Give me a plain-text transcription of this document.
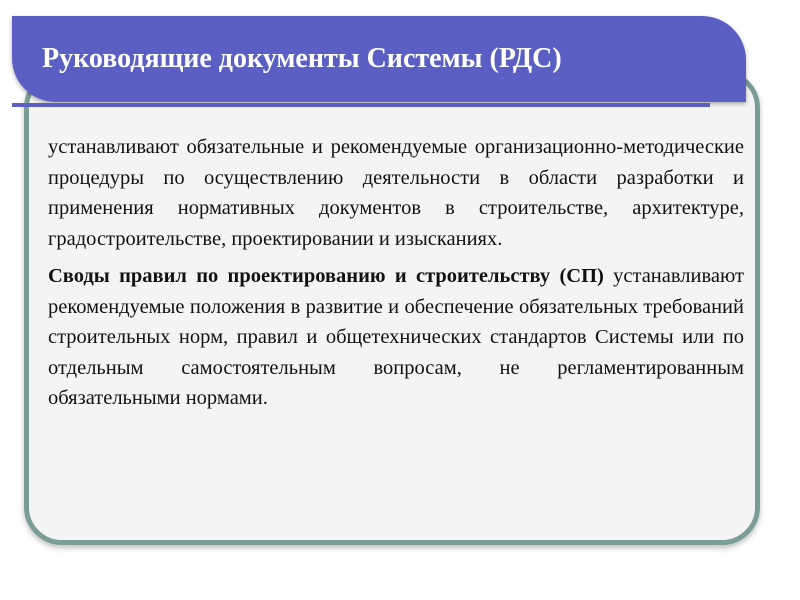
Руководящие документы Системы (РДС)

устанавливают обязательные и рекомендуемые организационно-методические процедуры по осуществлению деятельности в области разработки и применения нормативных документов в строительстве, архитектуре, градостроительстве, проектировании и изысканиях.

Своды правил по проектированию и строительству (СП) устанавливают рекомендуемые положения в развитие и обеспечение обязательных требований строительных норм, правил и общетехнических стандартов Системы или по отдельным самостоятельным вопросам, не регламентированным обязательными нормами.
